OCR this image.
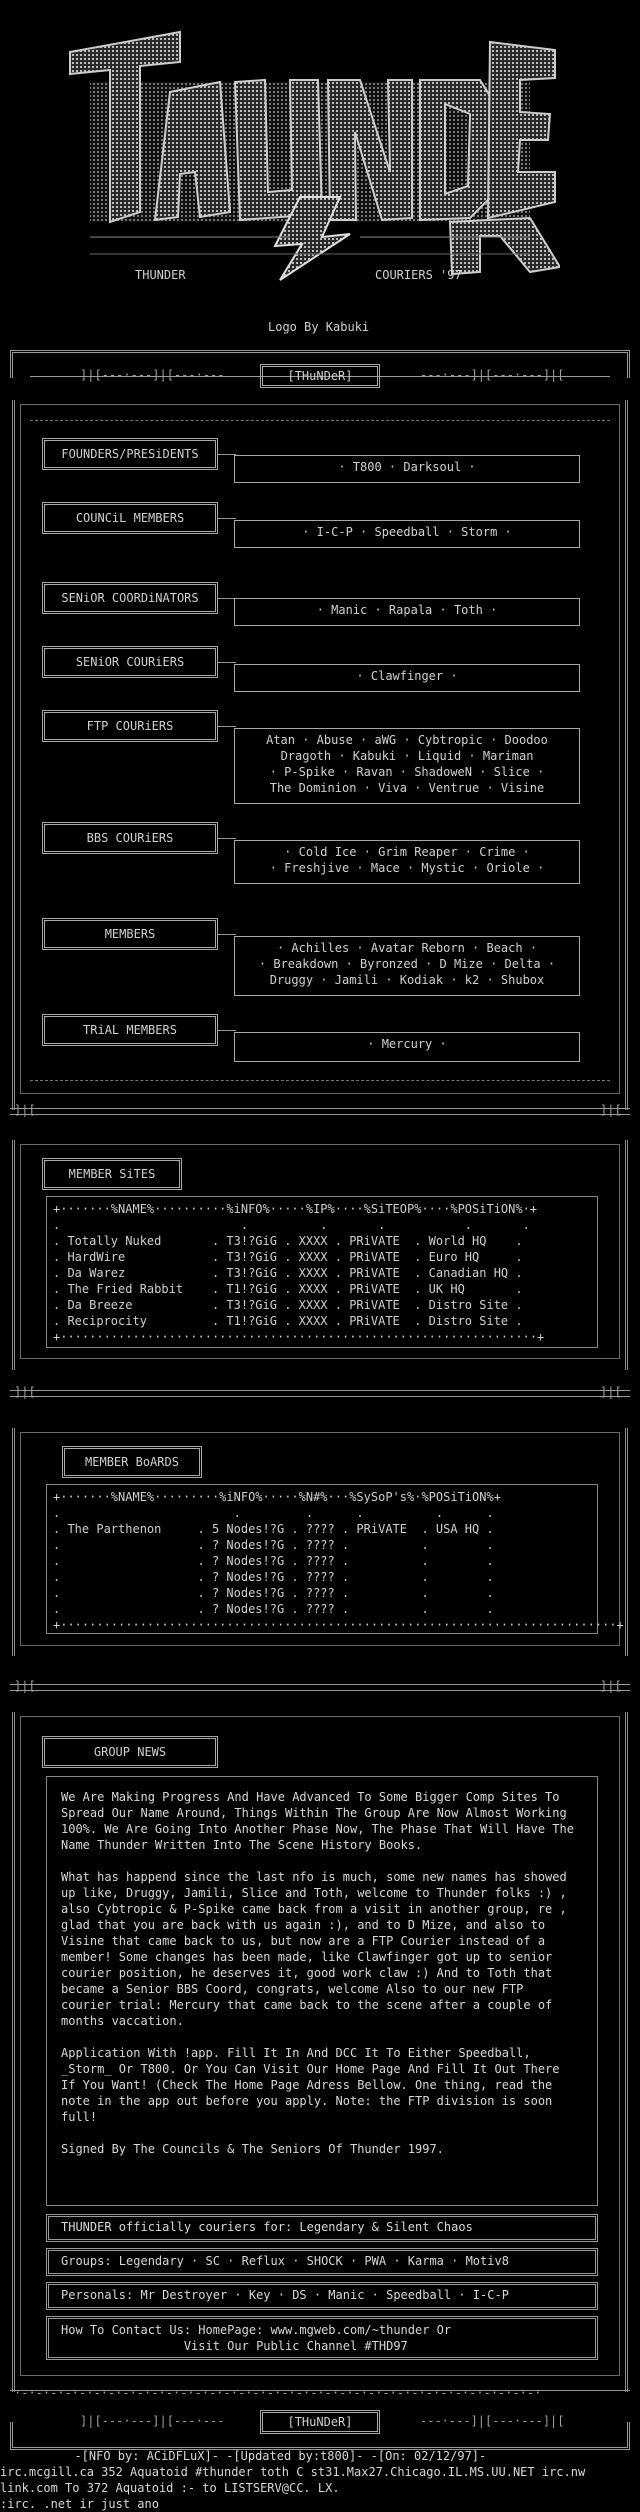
THUNDER	COURIERS '97
Logo By Kabuki
]|[---·---]|[---·---	---·---]|[---·---]|[
[THuNDeR]
FOUNDERS/PRESiDENTS
· T800 · Darksoul ·
COUNCiL MEMBERS
· I-C-P · Speedball · Storm ·
SENiOR COORDiNATORS
· Manic · Rapala · Toth ·
SENiOR COURiERS
· Clawfinger ·
FTP COURiERS
Atan · Abuse · aWG · Cybtropic · Doodoo
Dragoth · Kabuki · Liquid · Mariman
· P-Spike · Ravan · ShadoweN · Slice ·
The Dominion · Viva · Ventrue · Visine
BBS COURiERS
· Cold Ice · Grim Reaper · Crime ·
· Freshjive · Mace · Mystic · Oriole ·
MEMBERS
· Achilles · Avatar Reborn · Beach ·
· Breakdown · Byronzed · D Mize · Delta ·
Druggy · Jamili · Kodiak · k2 · Shubox
TRiAL MEMBERS
· Mercury ·
]|[	]|[
MEMBER SiTES
+·······%NAME%··········%iNFO%·····%IP%····%SiTEOP%····%POSiTiON%·+
.                         .          .       .           .       .
. Totally Nuked       . T3!?GiG . XXXX . PRiVATE  . World HQ    .
. HardWire            . T3!?GiG . XXXX . PRiVATE  . Euro HQ     .
. Da Warez            . T3!?GiG . XXXX . PRiVATE  . Canadian HQ .
. The Fried Rabbit    . T1!?GiG . XXXX . PRiVATE  . UK HQ       .
. Da Breeze           . T3!?GiG . XXXX . PRiVATE  . Distro Site .
. Reciprocity         . T1!?GiG . XXXX . PRiVATE  . Distro Site .
+··································································+
]|[	]|[
MEMBER BoARDS
+·······%NAME%·········%iNFO%·····%N#%···%SySoP's%·%POSiTiON%+
.                        .         .      .          .      .
. The Parthenon     . 5 Nodes!?G . ???? . PRiVATE  . USA HQ .
.                   . ? Nodes!?G . ???? .          .        .
.                   . ? Nodes!?G . ???? .          .        .
.                   . ? Nodes!?G . ???? .          .        .
.                   . ? Nodes!?G . ???? .          .        .
.                   . ? Nodes!?G . ???? .          .        .
+·············································································+
]|[	]|[
GROUP NEWS

We Are Making Progress And Have Advanced To Some Bigger Comp Sites To Spread Our Name Around, Things Within The Group Are Now Almost Working 100%. We Are Going Into Another Phase Now, The Phase That Will Have The Name Thunder Written Into The Scene History Books.

What has happend since the last nfo is much, some new names has showed up like, Druggy, Jamili, Slice and Toth, welcome to Thunder folks :) , also Cybtropic & P-Spike came back from a visit in another group, re , glad that you are back with us again :), and to D Mize, and also to Visine that came back to us, but now are a FTP Courier instead of a member! Some changes has been made, like Clawfinger got up to senior courier position, he deserves it, good work claw :) And to Toth that became a Senior BBS Coord, congrats, welcome Also to our new FTP courier trial: Mercury that came back to the scene after a couple of months vaccation.

Application With !app. Fill It In And DCC It To Either Speedball, _Storm_ Or T800. Or You Can Visit Our Home Page And Fill It Out There If You Want! (Check The Home Page Adress Bellow. One thing, read the note in the app out before you apply. Note: the FTP division is soon full!

Signed By The Councils & The Seniors Of Thunder 1997.

THUNDER officially couriers for: Legendary & Silent Chaos
Groups: Legendary · SC · Reflux · SHOCK · PWA · Karma · Motiv8
Personals: Mr Destroyer · Key · DS · Manic · Speedball · I-C-P
How To Contact Us: HomePage: www.mgweb.com/~thunder Or
Visit Our Public Channel #THD97
·-·-·-·-·-·-·-·-·-·-·-·-·-·-·-·-·-·-·-·-·-·-·-·-·-·-·-·-·-·-·-·-·-·-·-·-·
]|[---·---]|[---·---	---·---]|[---·---]|[
[THuNDeR]
-[NFO by: ACiDFLuX]- -[Updated by:t800]- -[On: 02/12/97]-
irc.mcgill.ca 352 Aquatoid #thunder toth C st31.Max27.Chicago.IL.MS.UU.NET irc.nw
link.com To 372 Aquatoid :- to LISTSERV@CC. LX.
:irc. .net ir just ano
